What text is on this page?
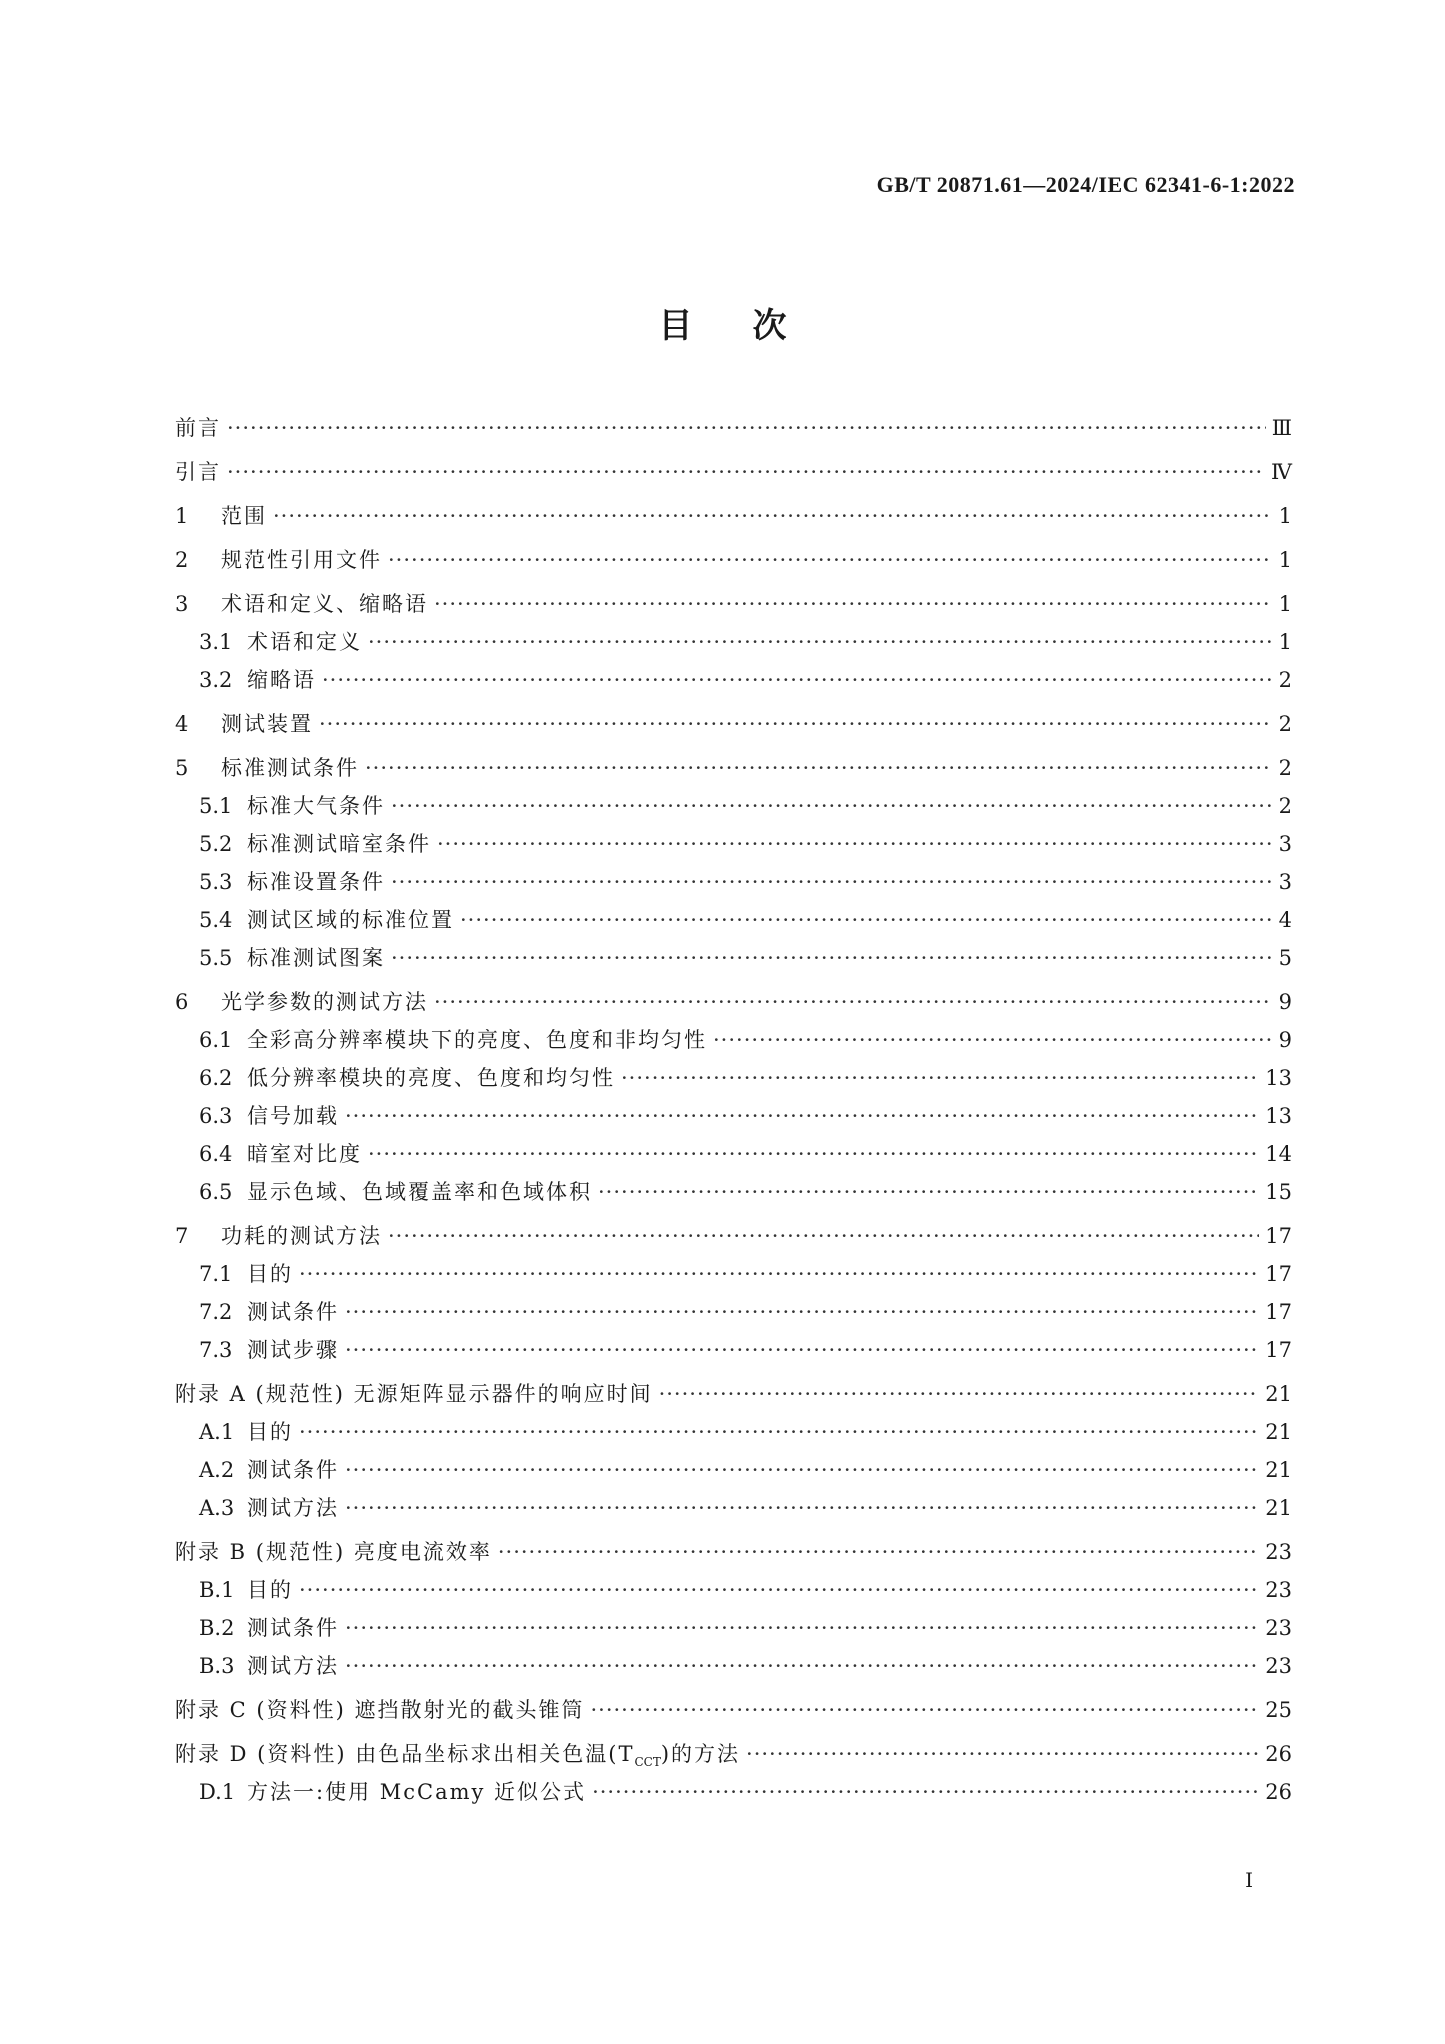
GB/T 20871.61—2024/IEC 62341-6-1:2022
目次
前言 ·····	Ⅲ
引言 ·····	Ⅳ
1	范围 ·····	1
2	规范性引用文件 ·····	1
3	术语和定义、缩略语 ·····	1
3.1 术语和定义 ·····	1
3.2 缩略语 ·····	2
4	测试装置 ·····	2
5	标准测试条件 ·····	2
5.1 标准大气条件 ·····	2
5.2 标准测试暗室条件 ·····	3
5.3 标准设置条件 ·····	3
5.4 测试区域的标准位置 ·····	4
5.5 标准测试图案 ·····	5
6	光学参数的测试方法 ·····	9
6.1 全彩高分辨率模块下的亮度、色度和非均匀性 ·····	9
6.2 低分辨率模块的亮度、色度和均匀性 ·····	13
6.3 信号加载 ·····	13
6.4 暗室对比度 ·····	14
6.5 显示色域、色域覆盖率和色域体积 ·····	15
7	功耗的测试方法 ·····	17
7.1 目的 ·····	17
7.2 测试条件 ·····	17
7.3 测试步骤 ·····	17
附录 A (规范性) 无源矩阵显示器件的响应时间 ·····	21
A.1 目的 ·····	21
A.2 测试条件 ·····	21
A.3 测试方法 ·····	21
附录 B (规范性) 亮度电流效率 ·····	23
B.1 目的 ·····	23
B.2 测试条件 ·····	23
B.3 测试方法 ·····	23
附录 C (资料性) 遮挡散射光的截头锥筒 ·····	25
附录 D (资料性) 由色品坐标求出相关色温$(T_{CCT})$的方法 ·····	26
D.1 方法一:使用 McCamy 近似公式 ·····	26
I
